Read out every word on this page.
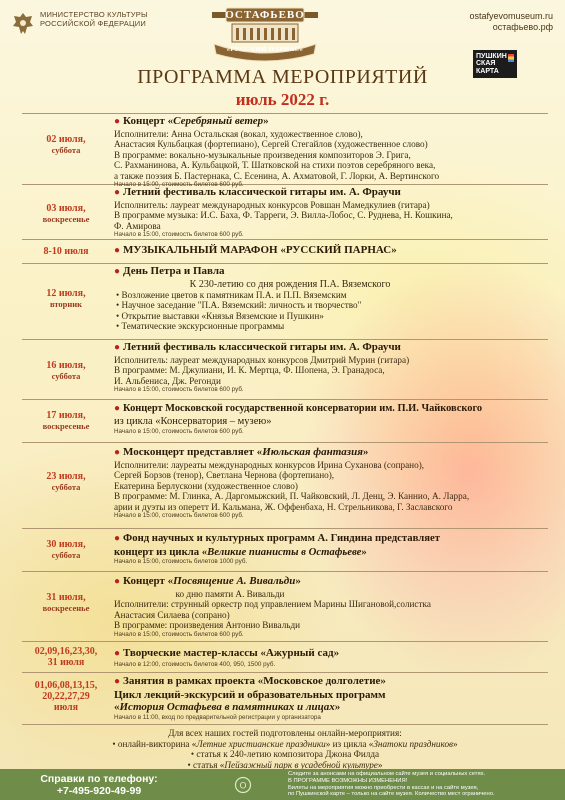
МИНИСТЕРСТВО КУЛЬТУРЫ
РОССИЙСКОЙ ФЕДЕРАЦИИ
ОСТАФЬЕВО
«РУССКИЙ ПАРНАС»
ostafyevomuseum.ru
остафьево.рф
ПУШКИН
СКАЯ
КАРТА
ПРОГРАММА МЕРОПРИЯТИЙ
июль 2022 г.
02 июля,
суббота
● Концерт «Серебряный ветер»
Исполнители: Анна Остальская (вокал, художественное слово),
Анастасия Кульбацкая (фортепиано), Сергей Стегайлов (художественное слово)
В программе: вокально-музыкальные произведения композиторов Э. Грига,
С. Рахманинова, А. Кульбацкой, Т. Шатковской на стихи поэтов серебряного века,
а также поэзия Б. Пастернака, С. Есенина, А. Ахматовой, Г. Лорки, А. Вертинского
Начало в 15:00, стоимость билетов 600 руб.
03 июля,
воскресенье
● Летний фестиваль классической гитары им. А. Фраучи
Исполнитель: лауреат международных конкурсов Ровшан Мамедкулиев (гитара)
В программе музыка: И.С. Баха, Ф. Тарреги, Э. Вилла-Лобос, С. Руднева, Н. Кошкина,
Ф. Амирова
Начало в 15:00, стоимость билетов 600 руб.
8-10 июля	● МУЗЫКАЛЬНЫЙ МАРАФОН «РУССКИЙ ПАРНАС»
12 июля,
вторник
● День Петра и Павла
К 230-летию со дня рождения П.А. Вяземского
• Возложение цветов к памятникам П.А. и П.П. Вяземским
• Научное заседание "П.А. Вяземский: личность и творчество"
• Открытие выставки «Князья Вяземские и Пушкин»
• Тематические экскурсионные программы
16 июля,
суббота
● Летний фестиваль классической гитары им. А. Фраучи
Исполнитель: лауреат международных конкурсов Дмитрий Мурин (гитара)
В программе: М. Джулиани, И. К. Мертца, Ф. Шопена, Э. Гранадоса,
И. Альбениса, Дж. Регонди
Начало в 15:00, стоимость билетов 600 руб.
17 июля,
воскресенье
● Концерт Московской государственной консерватории им. П.И. Чайковского
из цикла «Консерватория – музею»
Начало в 15:00, стоимость билетов 600 руб.
23 июля,
суббота
● Москонцерт представляет «Июльская фантазия»
Исполнители: лауреаты международных конкурсов Ирина Суханова (сопрано),
Сергей Борзов (тенор), Светлана Чернова (фортепиано),
Екатерина Берлускони (художественное слово)
В программе: М. Глинка, А. Даргомыжский, П. Чайковский, Л. Денц, Э. Каннио, А. Ларра,
арии и дуэты из оперетт И. Кальмана, Ж. Оффенбаха, Н. Стрельникова, Г. Заславского
Начало в 15:00, стоимость билетов 600 руб.
30 июля,
суббота
● Фонд научных и культурных программ А. Гиндина представляет
концерт из цикла «Великие пианисты в Остафьеве»
Начало в 15:00, стоимость билетов 1000 руб.
31 июля,
воскресенье
● Концерт «Посвящение А. Вивальди»
ко дню памяти А. Вивальди
Исполнители: струнный оркестр под управлением Марины Шигановой,солистка
Анастасия Силаева (сопрано)
В программе: произведения Антонио Вивальди
Начало в 15:00, стоимость билетов 600 руб.
02,09,16,23,30,
31 июля
● Творческие мастер-классы «Ажурный сад»
Начало в 12:00, стоимость билетов 400, 950, 1500 руб.
01,06,08,13,15,
20,22,27,29
июля
● Занятия в рамках проекта «Московское долголетие»
Цикл лекций-экскурсий и образовательных программ
«История Остафьева в памятниках и лицах»
Начало в 11:00, вход по предварительной регистрации у организатора
Для всех наших гостей подготовлены онлайн-мероприятия:
• онлайн-викторина «Летние христианские праздники» из цикла «Знатоки праздников»
• статья к 240-летию композитора Джона Филда
• статья «Пейзажный парк в усадебной культуре»
Справки по телефону:
+7-495-920-49-99	О
Следите за анонсами на официальном сайте музея и социальных сетях.
В ПРОГРАММЕ ВОЗМОЖНЫ ИЗМЕНЕНИЯ!
Билеты на мероприятия можно приобрести в кассах и на сайте музея,
по Пушкинской карте – только на сайте музея. Количество мест ограничено.
